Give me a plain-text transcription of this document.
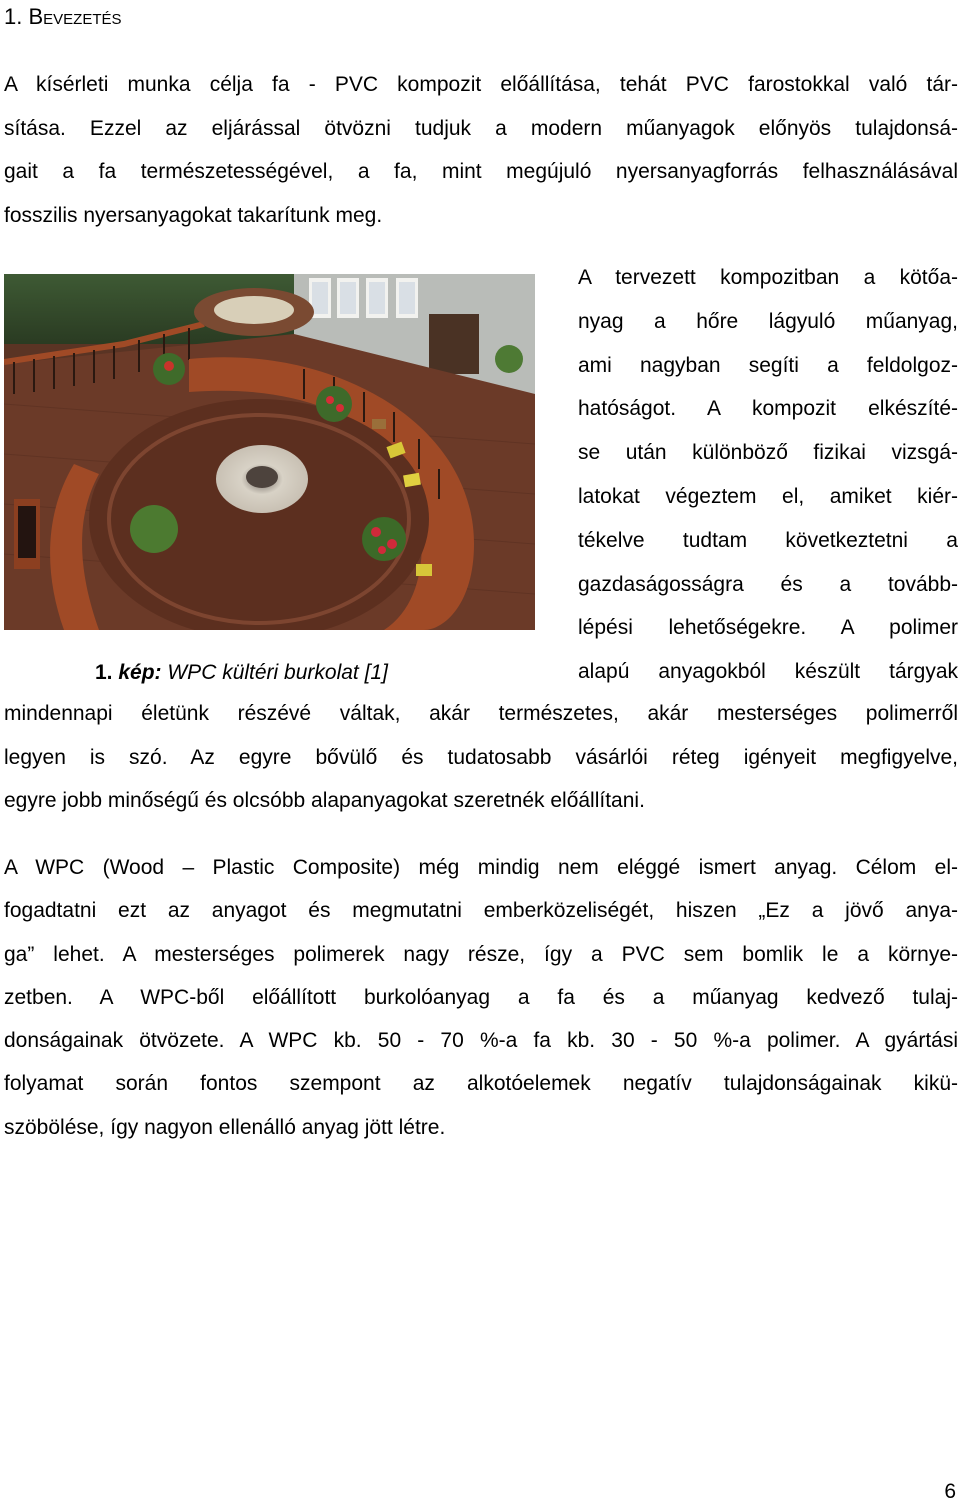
1. Bevezetés
A kísérleti munka célja fa - PVC kompozit előállítása, tehát PVC farostokkal való tár-
sítása. Ezzel az eljárással ötvözni tudjuk a modern műanyagok előnyös tulajdonsá-
gait a fa természetességével, a fa, mint megújuló nyersanyagforrás felhasználásával
fosszilis nyersanyagokat takarítunk meg.
A tervezett kompozitban a kötőa-
nyag a hőre lágyuló műanyag,
ami nagyban segíti a feldolgoz-
hatóságot. A kompozit elkészíté-
se után különböző fizikai vizsgá-
latokat végeztem el, amiket kiér-
tékelve tudtam következtetni a
gazdaságosságra és a tovább-
lépési lehetőségekre. A polimer
alapú anyagokból készült tárgyak

1. kép: WPC kültéri burkolat [1]

mindennapi életünk részévé váltak, akár természetes, akár mesterséges polimerről
legyen is szó. Az egyre bővülő és tudatosabb vásárlói réteg igényeit megfigyelve,
egyre jobb minőségű és olcsóbb alapanyagokat szeretnék előállítani.
A WPC (Wood – Plastic Composite) még mindig nem eléggé ismert anyag. Célom el-
fogadtatni ezt az anyagot és megmutatni emberközeliségét, hiszen „Ez a jövő anya-
ga” lehet. A mesterséges polimerek nagy része, így a PVC sem bomlik le a környe-
zetben. A WPC-ből előállított burkolóanyag a fa és a műanyag kedvező tulaj-
donságainak ötvözete. A WPC kb. 50 - 70 %-a fa kb. 30 - 50 %-a polimer. A gyártási
folyamat során fontos szempont az alkotóelemek negatív tulajdonságainak kikü-
szöbölése, így nagyon ellenálló anyag jött létre.

6
